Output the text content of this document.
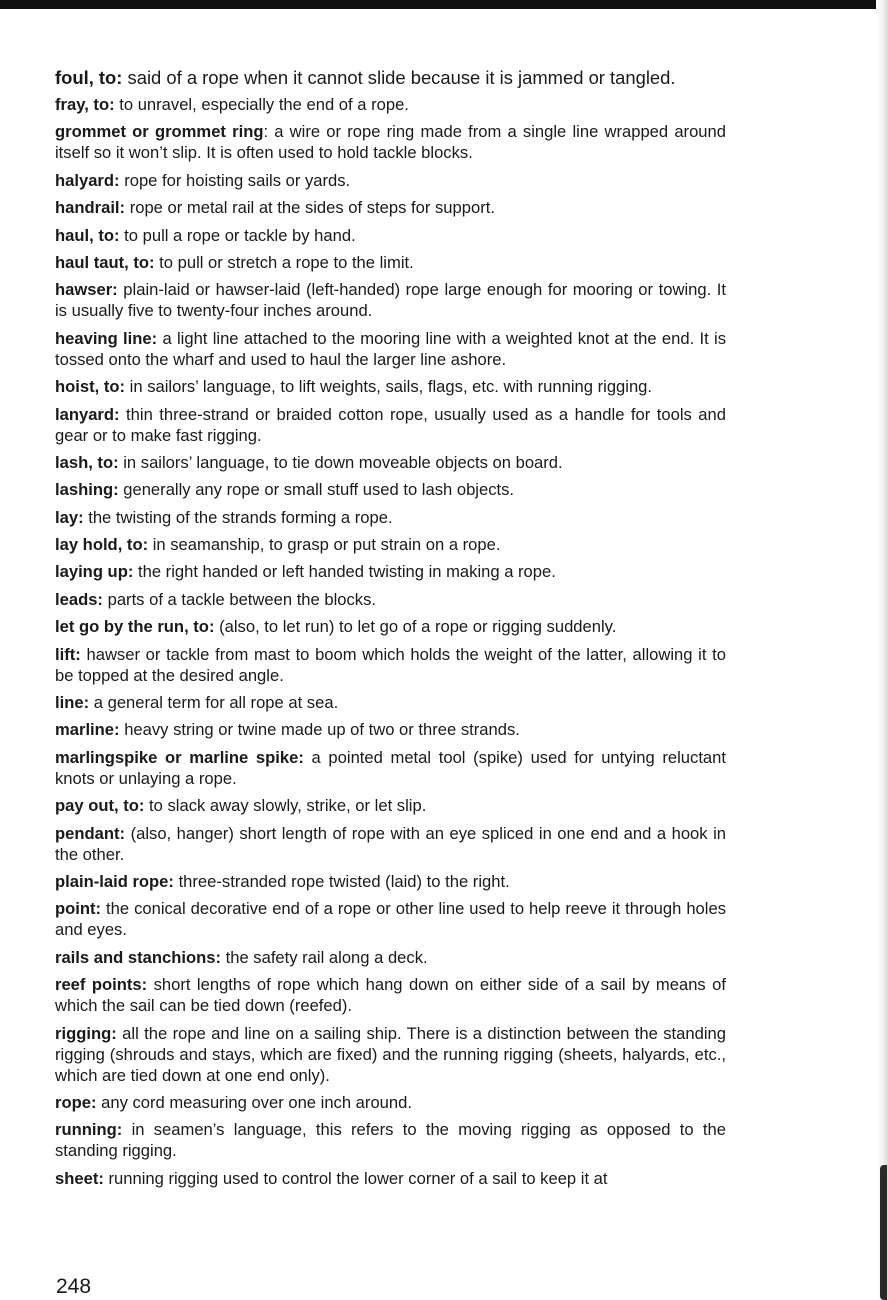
foul, to: said of a rope when it cannot slide because it is jammed or tangled.
fray, to: to unravel, especially the end of a rope.
grommet or grommet ring: a wire or rope ring made from a single line wrapped around itself so it won’t slip. It is often used to hold tackle blocks.
halyard: rope for hoisting sails or yards.
handrail: rope or metal rail at the sides of steps for support.
haul, to: to pull a rope or tackle by hand.
haul taut, to: to pull or stretch a rope to the limit.
hawser: plain-laid or hawser-laid (left-handed) rope large enough for mooring or towing. It is usually five to twenty-four inches around.
heaving line: a light line attached to the mooring line with a weighted knot at the end. It is tossed onto the wharf and used to haul the larger line ashore.
hoist, to: in sailors’ language, to lift weights, sails, flags, etc. with running rigging.
lanyard: thin three-strand or braided cotton rope, usually used as a handle for tools and gear or to make fast rigging.
lash, to: in sailors’ language, to tie down moveable objects on board.
lashing: generally any rope or small stuff used to lash objects.
lay: the twisting of the strands forming a rope.
lay hold, to: in seamanship, to grasp or put strain on a rope.
laying up: the right handed or left handed twisting in making a rope.
leads: parts of a tackle between the blocks.
let go by the run, to: (also, to let run) to let go of a rope or rigging suddenly.
lift: hawser or tackle from mast to boom which holds the weight of the latter, allowing it to be topped at the desired angle.
line: a general term for all rope at sea.
marline: heavy string or twine made up of two or three strands.
marlingspike or marline spike: a pointed metal tool (spike) used for untying reluctant knots or unlaying a rope.
pay out, to: to slack away slowly, strike, or let slip.
pendant: (also, hanger) short length of rope with an eye spliced in one end and a hook in the other.
plain-laid rope: three-stranded rope twisted (laid) to the right.
point: the conical decorative end of a rope or other line used to help reeve it through holes and eyes.
rails and stanchions: the safety rail along a deck.
reef points: short lengths of rope which hang down on either side of a sail by means of which the sail can be tied down (reefed).
rigging: all the rope and line on a sailing ship. There is a distinction between the standing rigging (shrouds and stays, which are fixed) and the running rigging (sheets, halyards, etc., which are tied down at one end only).
rope: any cord measuring over one inch around.
running: in seamen’s language, this refers to the moving rigging as opposed to the standing rigging.
sheet: running rigging used to control the lower corner of a sail to keep it at
248
